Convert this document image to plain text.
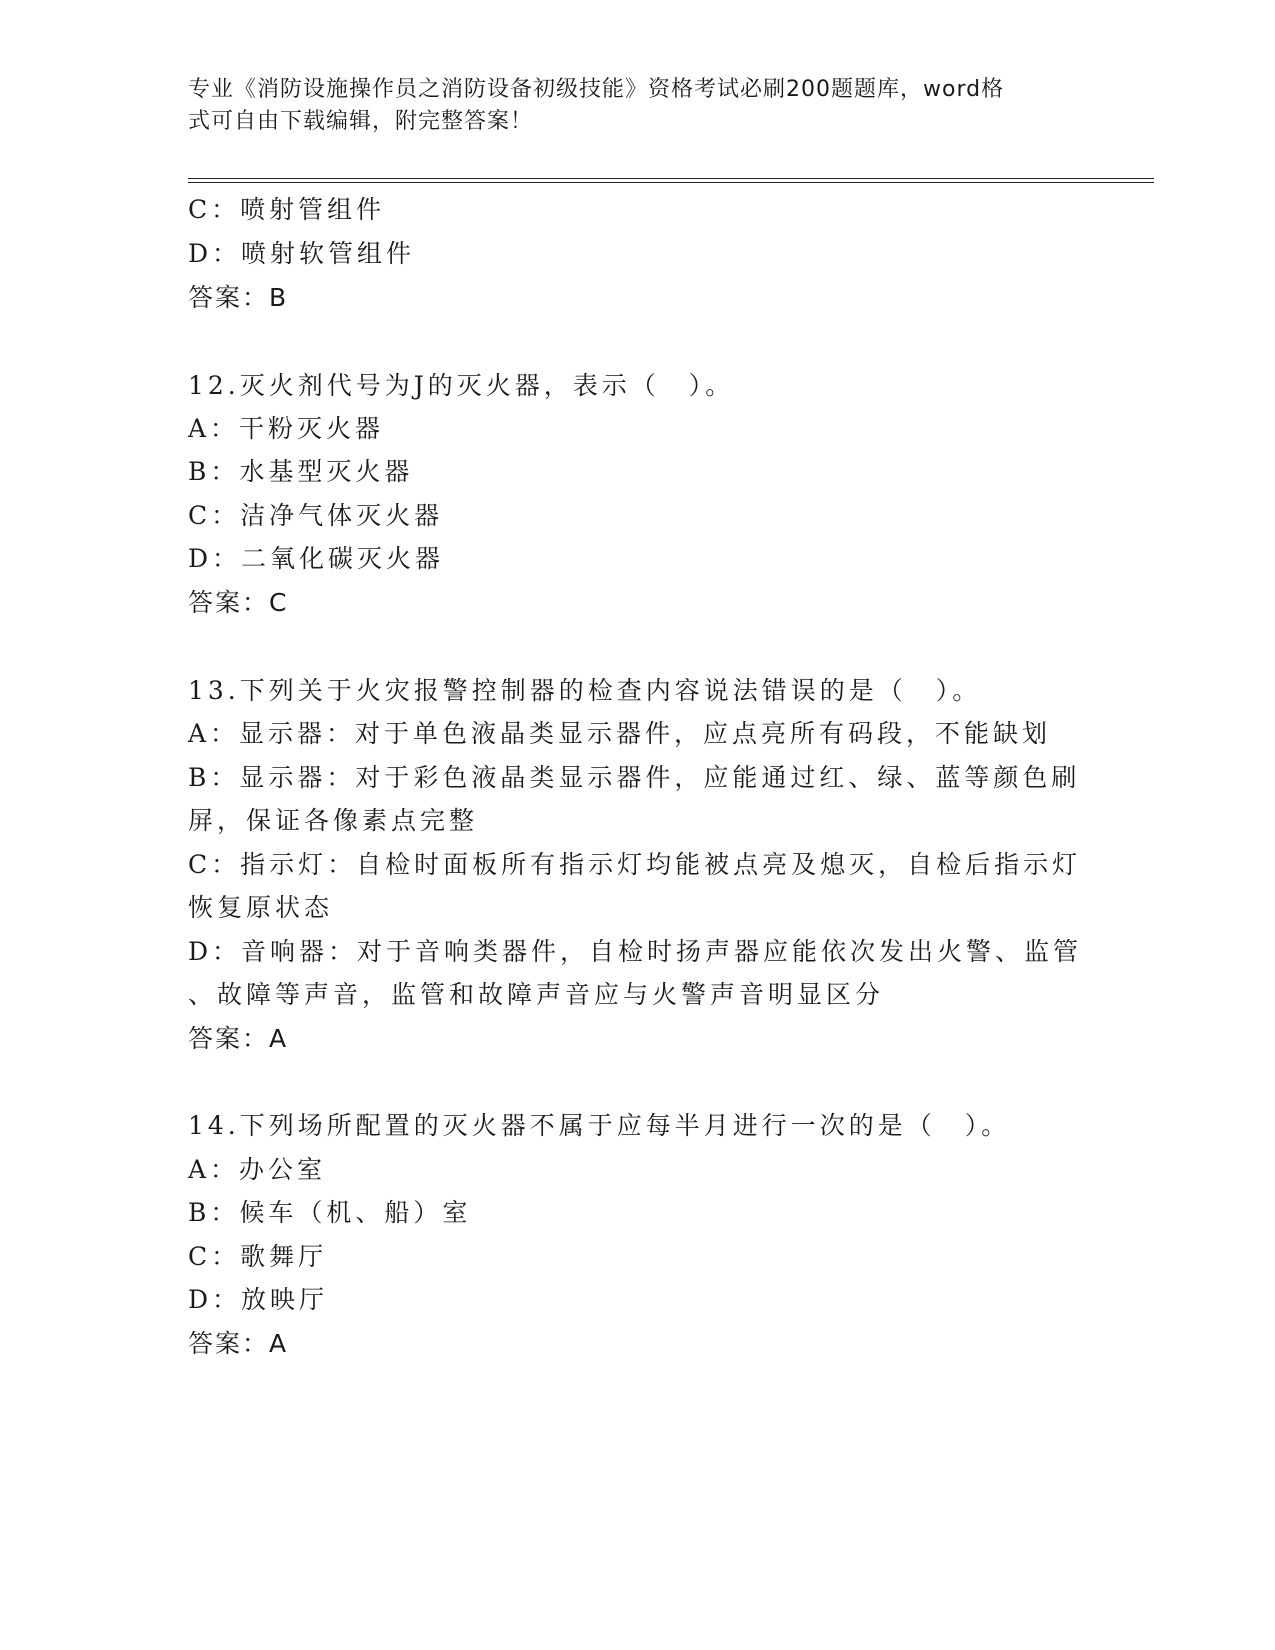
专业《消防设施操作员之消防设备初级技能》资格考试必刷200题题库，word格
式可自由下载编辑，附完整答案！
C：喷射管组件
D：喷射软管组件
答案：B
12.灭火剂代号为J的灭火器，表示（　）。
A：干粉灭火器
B：水基型灭火器
C：洁净气体灭火器
D：二氧化碳灭火器
答案：C
13.下列关于火灾报警控制器的检查内容说法错误的是（　）。
A：显示器：对于单色液晶类显示器件，应点亮所有码段，不能缺划
B：显示器：对于彩色液晶类显示器件，应能通过红、绿、蓝等颜色刷
屏，保证各像素点完整
C：指示灯：自检时面板所有指示灯均能被点亮及熄灭，自检后指示灯
恢复原状态
D：音响器：对于音响类器件，自检时扬声器应能依次发出火警、监管
、故障等声音，监管和故障声音应与火警声音明显区分
答案：A
14.下列场所配置的灭火器不属于应每半月进行一次的是（　）。
A：办公室
B：候车（机、船）室
C：歌舞厅
D：放映厅
答案：A
